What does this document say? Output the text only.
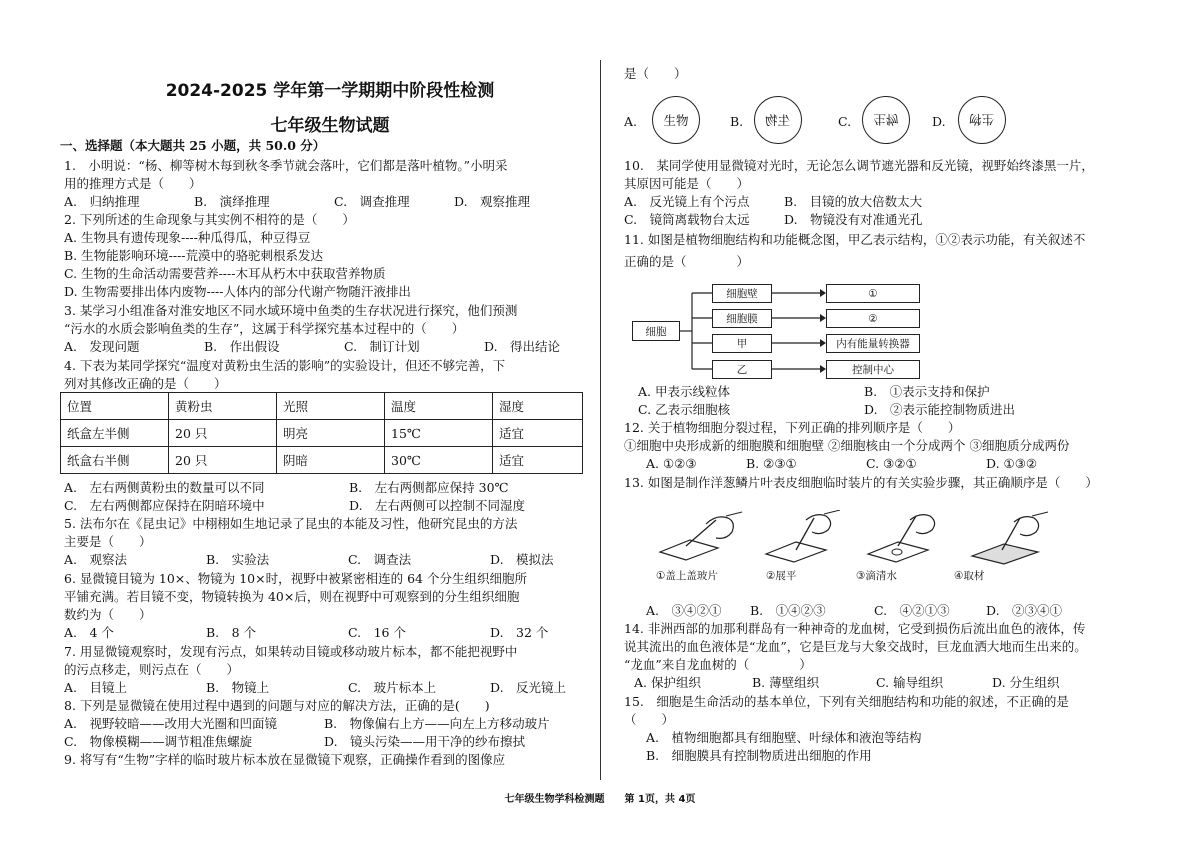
2024-2025 学年第一学期期中阶段性检测
七年级生物试题
一、选择题（本大题共 25 小题，共 50.0 分）
1.　小明说：“杨、柳等树木每到秋冬季节就会落叶，它们都是落叶植物。”小明采
用的推理方式是（　　）
A.　归纳推理	B.　演绎推理	C.　调查推理	D.　观察推理
2. 下列所述的生命现象与其实例不相符的是（　　）
A. 生物具有遗传现象----种瓜得瓜，种豆得豆
B. 生物能影响环境----荒漠中的骆驼刺根系发达
C. 生物的生命活动需要营养----木耳从朽木中获取营养物质
D. 生物需要排出体内废物----人体内的部分代谢产物随汗液排出
3. 某学习小组准备对淮安地区不同水域环境中鱼类的生存状况进行探究，他们预测
“污水的水质会影响鱼类的生存”，这属于科学探究基本过程中的（　　）
A.　发现问题	B.　作出假设	C.　制订计划	D.　得出结论
4. 下表为某同学探究“温度对黄粉虫生活的影响”的实验设计，但还不够完善，下
列对其修改正确的是（　　）
位置	黄粉虫	光照	温度	湿度
纸盒左半侧	20 只	明亮	15℃	适宜
纸盒右半侧	20 只	阴暗	30℃	适宜
A.　左右两侧黄粉虫的数量可以不同	B.　左右两侧都应保持 30℃
C.　左右两侧都应保持在阴暗环境中	D.　左右两侧可以控制不同湿度
5. 法布尔在《昆虫记》中栩栩如生地记录了昆虫的本能及习性，他研究昆虫的方法
主要是（　　）
A.　观察法	B.　实验法	C.　调查法	D.　模拟法
6. 显微镜目镜为 10×、物镜为 10×时，视野中被紧密相连的 64 个分生组织细胞所
平铺充满。若目镜不变，物镜转换为 40×后，则在视野中可观察到的分生组织细胞
数约为（　　）
A.　4 个	B.　8 个	C.　16 个	D.　32 个
7. 用显微镜观察时，发现有污点，如果转动目镜或移动玻片标本，都不能把视野中
的污点移走，则污点在（　　）
A.　目镜上	B.　物镜上	C.　玻片标本上	D.　反光镜上
8. 下列是显微镜在使用过程中遇到的问题与对应的解决方法，正确的是(　　)
A.　视野较暗——改用大光圈和凹面镜	B.　物像偏右上方——向左上方移动玻片
C.　物像模糊——调节粗准焦螺旋	D.　镜头污染——用干净的纱布擦拭
9. 将写有“生物”字样的临时玻片标本放在显微镜下观察，正确操作看到的图像应
是（　　）
A. 生物	B. 生物	C. 生物	D. 生物
10.　某同学使用显微镜对光时，无论怎么调节遮光器和反光镜，视野始终漆黑一片，
其原因可能是（　　）
A.　反光镜上有个污点	B.　目镜的放大倍数太大
C.　镜筒离载物台太远	D.　物镜没有对准通光孔
11. 如图是植物细胞结构和功能概念图，甲乙表示结构，①②表示功能，有关叙述不
正确的是（　　　　）
细胞
细胞壁
细胞膜
甲
乙
①
②
内有能量转换器
控制中心
A. 甲表示线粒体	B.　①表示支持和保护
C. 乙表示细胞核	D.　②表示能控制物质进出
12. 关于植物细胞分裂过程，下列正确的排列顺序是（　　）
①细胞中央形成新的细胞膜和细胞壁 ②细胞核由一个分成两个 ③细胞质分成两份
A. ①②③	B. ②③①	C. ③②①	D. ①③②
13. 如图是制作洋葱鳞片叶表皮细胞临时装片的有关实验步骤，其正确顺序是（　　）
①盖上盖玻片	②展平	③滴清水	④取材
A.　③④②① B.　①④②③	C.　④②①③	D.　②③④①
14. 非洲西部的加那利群岛有一种神奇的龙血树，它受到损伤后流出血色的液体，传
说其流出的血色液体是“龙血”，它是巨龙与大象交战时，巨龙血洒大地而生出来的。
“龙血”来自龙血树的（　　　　）
A. 保护组织	B. 薄壁组织	C. 输导组织	D. 分生组织
15.　细胞是生命活动的基本单位，下列有关细胞结构和功能的叙述，不正确的是
（　　）
A.　植物细胞都具有细胞壁、叶绿体和液泡等结构
B.　细胞膜具有控制物质进出细胞的作用
七年级生物学科检测题　　第 1页，共 4页
